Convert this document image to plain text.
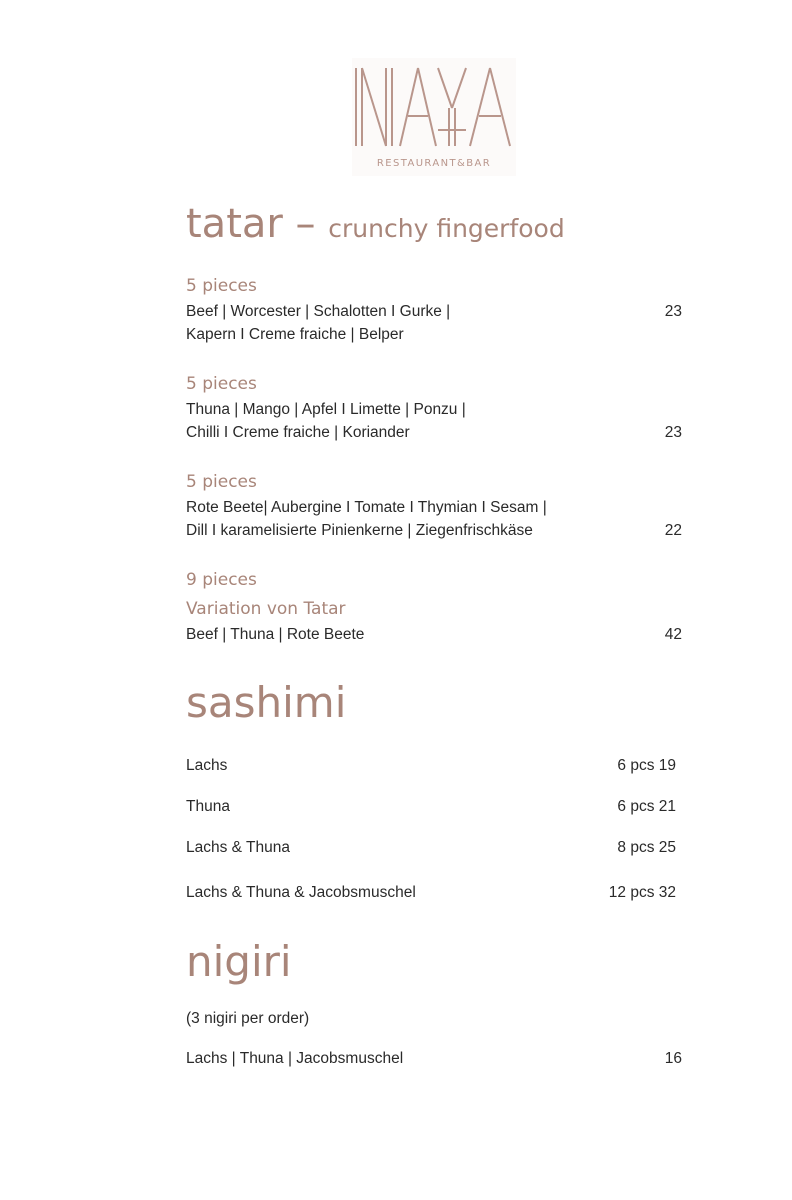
RESTAURANT&BAR
tatar – crunchy fingerfood
5 pieces
Beef | Worcester | Schalotten I Gurke |	23
Kapern I Creme fraiche | Belper
5 pieces
Thuna | Mango | Apfel I Limette | Ponzu |
Chilli I Creme fraiche | Koriander	23
5 pieces
Rote Beete| Aubergine I Tomate I Thymian I Sesam |
Dill I karamelisierte Pinienkerne | Ziegenfrischkäse	22
9 pieces
Variation von Tatar
Beef | Thuna | Rote Beete	42
sashimi
Lachs	6 pcs 19
Thuna	6 pcs 21
Lachs & Thuna	8 pcs 25
Lachs & Thuna & Jacobsmuschel	12 pcs 32
nigiri
(3 nigiri per order)
Lachs | Thuna | Jacobsmuschel	16
